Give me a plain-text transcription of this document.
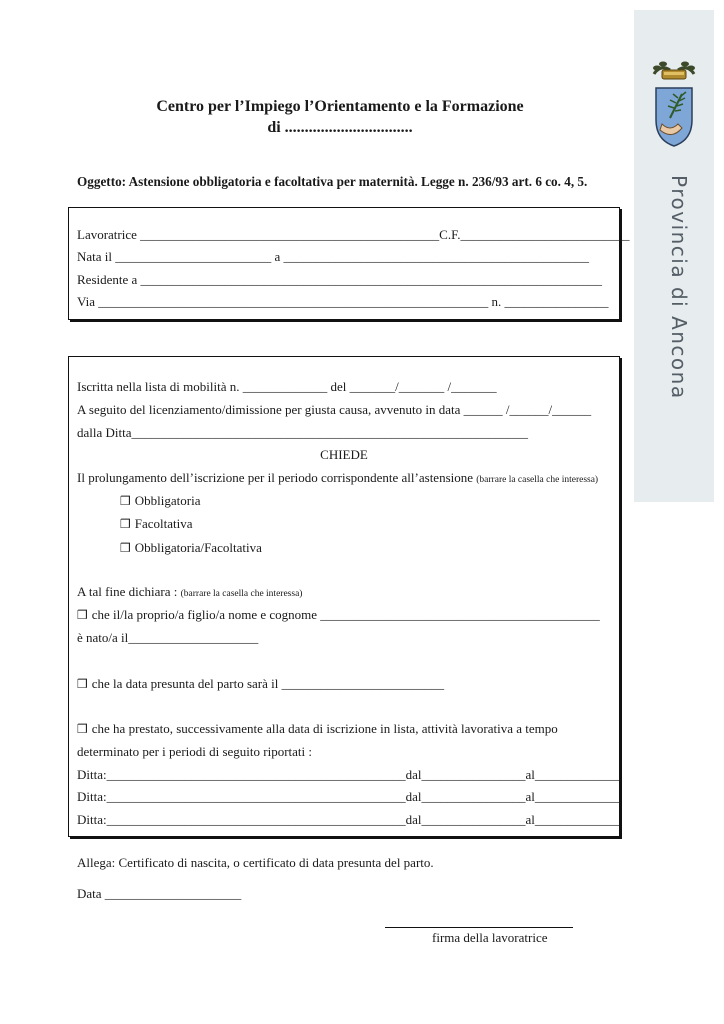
Provincia di Ancona
Centro per l’Impiego l’Orientamento e la Formazione
di ................................
Oggetto: Astensione obbligatoria e facoltativa per maternità. Legge n. 236/93 art. 6 co. 4, 5.
Lavoratrice ______________________________________________C.F.__________________________
Nata il ________________________ a _______________________________________________
Residente a _______________________________________________________________________
Via ____________________________________________________________ n. ________________
Iscritta nella lista di mobilità n. _____________ del _______/_______ /_______
A seguito del licenziamento/dimissione per giusta causa, avvenuto in data ______ /______/______
dalla Ditta_____________________________________________________________
CHIEDE
Il prolungamento dell’iscrizione per il periodo corrispondente all’astensione (barrare la casella che interessa)
❒ Obbligatoria
❒ Facoltativa
❒ Obbligatoria/Facoltativa
A tal fine dichiara : (barrare la casella che interessa)
❒ che il/la proprio/a figlio/a nome e cognome ___________________________________________
è nato/a il____________________
❒ che la data presunta del parto sarà il _________________________
❒ che ha prestato, successivamente alla data di iscrizione in lista, attività lavorativa a tempo
determinato per i periodi di seguito riportati :
Ditta:______________________________________________dal________________al_____________
Ditta:______________________________________________dal________________al_____________
Ditta:______________________________________________dal________________al_____________
Allega: Certificato di nascita, o certificato di data presunta del parto.
Data _____________________
firma della lavoratrice
